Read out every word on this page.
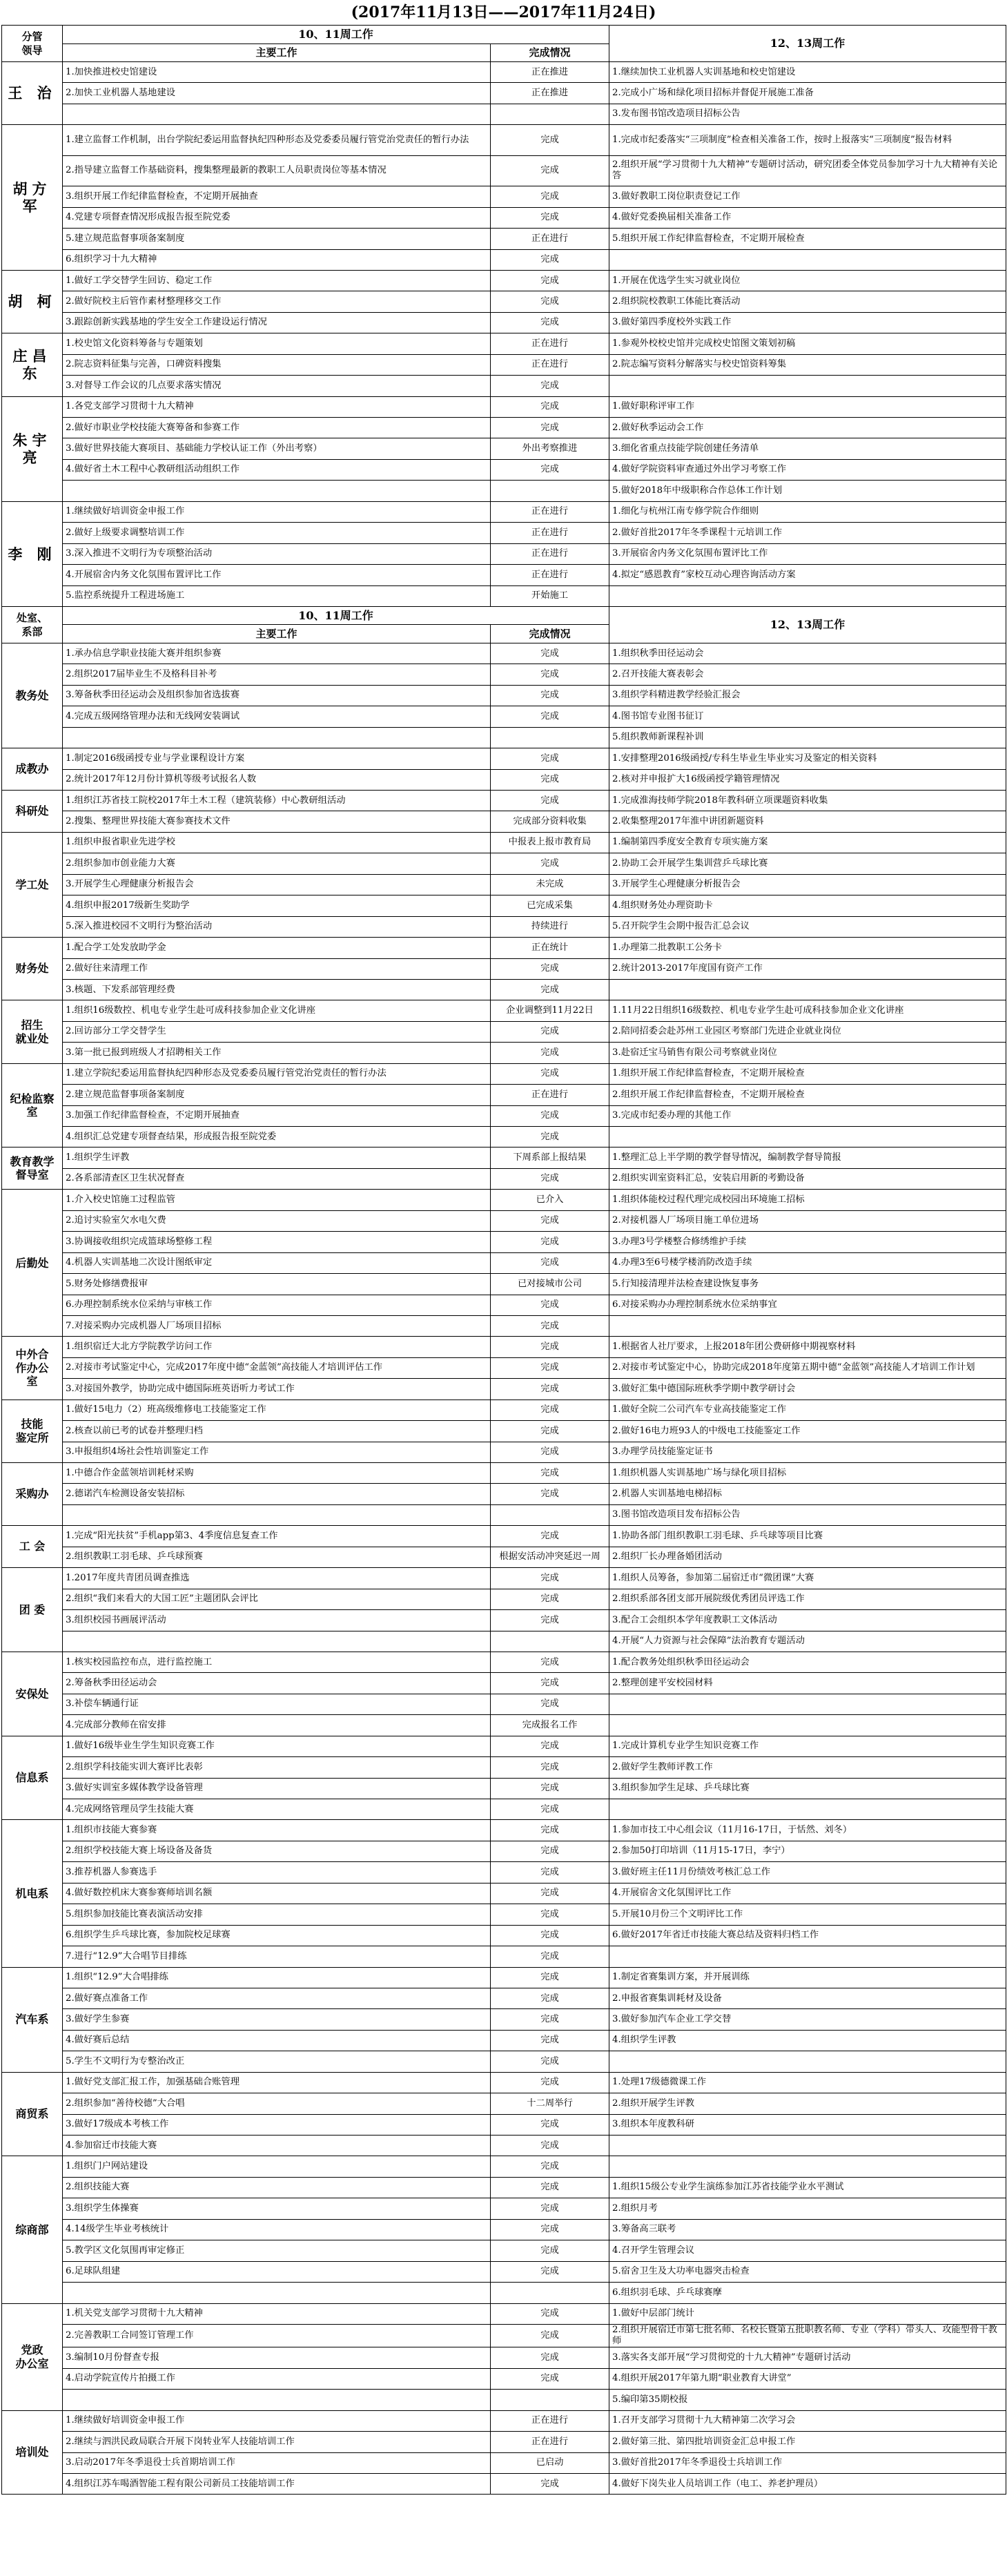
(2017年11月13日——2017年11月24日)
分管
领导	10、11周工作		12、13周工作
	主要工作	完成情况	
王 治	1.加快推进校史馆建设	正在推进	1.继续加快工业机器人实训基地和校史馆建设
	2.加快工业机器人基地建设	正在推进	2.完成小广场和绿化项目招标并督促开展施工准备
			3.发布图书馆改造项目招标公告
胡方军	1.建立监督工作机制，出台学院纪委运用监督执纪四种形态及党委委员履行管党治党责任的暂行办法	完成	1.完成市纪委落实“三项制度”检查相关准备工作，按时上报落实“三项制度”报告材料
	2.指导建立监督工作基础资料，搜集整理最新的教职工人员职责岗位等基本情况	完成	2.组织开展“学习贯彻十九大精神”专题研讨活动，研究团委全体党员参加学习十九大精神有关论答
	3.组织开展工作纪律监督检查，不定期开展抽查	完成	3.做好教职工岗位职责登记工作
	4.党建专项督查情况形成报告报至院党委	完成	4.做好党委换届相关准备工作
	5.建立规范监督事项备案制度	正在进行	5.组织开展工作纪律监督检查，不定期开展检查
	6.组织学习十九大精神	完成	
胡 柯	1.做好工学交替学生回访、稳定工作	完成	1.开展在优选学生实习就业岗位
	2.做好院校主后管作素材整理移交工作	完成	2.组织院校教职工体能比赛活动
	3.跟踪创新实践基地的学生安全工作建设运行情况	完成	3.做好第四季度校外实践工作
庄昌东	1.校史馆文化资料筹备与专题策划	正在进行	1.参观外校校史馆并完成校史馆图文策划初稿
	2.院志资料征集与完善，口碑资料搜集	正在进行	2.院志编写资料分解落实与校史馆资料筹集
	3.对督导工作会议的几点要求落实情况	完成	
朱宇亮	1.各党支部学习贯彻十九大精神	完成	1.做好职称评审工作
	2.做好市职业学校技能大赛筹备和参赛工作	完成	2.做好秋季运动会工作
	3.做好世界技能大赛项目、基础能力学校认证工作（外出考察）	外出考察推进	3.细化省重点技能学院创建任务清单
	4.做好省土木工程中心教研组活动组织工作	完成	4.做好学院资料审查通过外出学习考察工作
			5.做好2018年中级职称合作总体工作计划
李 刚	1.继续做好培训资金申报工作	正在进行	1.细化与杭州江南专修学院合作细则
	2.做好上级要求调整培训工作	正在进行	2.做好首批2017年冬季课程十元培训工作
	3.深入推进不文明行为专项整治活动	正在进行	3.开展宿舍内务文化氛围布置评比工作
	4.开展宿舍内务文化氛围布置评比工作	正在进行	4.拟定“感恩教育”家校互动心理咨询活动方案
	5.监控系统提升工程进场施工	开始施工	
处室、
系部	10、11周工作		12、13周工作
	主要工作	完成情况	
教务处	1.承办信息学职业技能大赛并组织参赛	完成	1.组织秋季田径运动会
	2.组织2017届毕业生不及格科目补考	完成	2.召开技能大赛表彰会
	3.筹备秋季田径运动会及组织参加省选拔赛	完成	3.组织学科精进教学经验汇报会
	4.完成五级网络管理办法和无线网安装调试	完成	4.图书馆专业图书征订
			5.组织教师新课程补训
成教办	1.制定2016级函授专业与学业课程设计方案	完成	1.安排整理2016级函授/专科生毕业生毕业实习及鉴定的相关资料
	2.统计2017年12月份计算机等级考试报名人数	完成	2.核对并申报扩大16级函授学籍管理情况
科研处	1.组织江苏省技工院校2017年土木工程（建筑装修）中心教研组活动	完成	1.完成淮海技师学院2018年教科研立项课题资料收集
	2.搜集、整理世界技能大赛参赛技术文件	完成部分资料收集	2.收集整理2017年淮中讲团新题资料
学工处	1.组织申报省职业先进学校	中报表上报市教育局	1.编制第四季度安全教育专项实施方案
	2.组织参加市创业能力大赛	完成	2.协助工会开展学生集训营乒乓球比赛
	3.开展学生心理健康分析报告会	未完成	3.开展学生心理健康分析报告会
	4.组织申报2017级新生奖助学	已完成采集	4.组织财务处办理资助卡
	5.深入推进校园不文明行为整治活动	持续进行	5.召开院学生会期中报告汇总会议
财务处	1.配合学工处发放助学金	正在统计	1.办理第二批教职工公务卡
	2.做好往来清理工作	完成	2.统计2013-2017年度国有资产工作
	3.核题、下发系部管理经费	完成	
招生
就业处	1.组织16级数控、机电专业学生赴可成科技参加企业文化讲座	企业调整到11月22日	1.11月22日组织16级数控、机电专业学生赴可成科技参加企业文化讲座
	2.回访部分工学交替学生	完成	2.陪同招委会赴苏州工业园区考察部门先进企业就业岗位
	3.第一批已报到班级人才招聘相关工作	完成	3.赴宿迁宝马销售有限公司考察就业岗位
纪检监察
室	1.建立学院纪委运用监督执纪四种形态及党委委员履行管党治党责任的暂行办法	完成	1.组织开展工作纪律监督检查，不定期开展检查
	2.建立规范监督事项备案制度	正在进行	2.组织开展工作纪律监督检查，不定期开展检查
	3.加强工作纪律监督检查，不定期开展抽查	完成	3.完成市纪委办理的其他工作
	4.组织汇总党建专项督查结果，形成报告报至院党委	完成	
教育教学
督导室	1.组织学生评教	下周系部上报结果	1.整理汇总上半学期的教学督导情况，编制教学督导简报
	2.各系部清查区卫生状况督查	完成	2.组织实训室资料汇总，安装启用新的考勤设备
后勤处	1.介入校史馆施工过程监管	已介入	1.组织体能校过程代理完成校园出环境施工招标
	2.追讨实验室欠水电欠费	完成	2.对接机器人厂场项目施工单位进场
	3.协调接收组织完成篮球场整修工程	完成	3.办理3号学楼整合修绣维护手续
	4.机器人实训基地二次设计图纸审定	完成	4.办理3至6号楼学楼消防改造手续
	5.财务处修缮费报审	已对接城市公司	5.行知接清理并法检查建设恢复事务
	6.办理控制系统水位采纳与审核工作	完成	6.对接采购办办理控制系统水位采纳事宜
	7.对接采购办完成机器人厂场项目招标	完成	
中外合
作办公
室	1.组织宿迁大北方学院教学访问工作	完成	1.根据省人社厅要求，上报2018年团公费研修中期视察材料
	2.对接市考试鉴定中心，完成2017年度中德“金蓝领”高技能人才培训评估工作	完成	2.对接市考试鉴定中心，协助完成2018年度第五期中德“金蓝领”高技能人才培训工作计划
	3.对接国外教学，协助完成中德国际班英语听力考试工作	完成	3.做好汇集中德国际班秋季学期中教学研讨会
技能
鉴定所	1.做好15电力（2）班高级维修电工技能鉴定工作	完成	1.做好全院二公司汽车专业高技能鉴定工作
	2.核查以前已考的试卷并整理归档	完成	2.做好16电力班93人的中级电工技能鉴定工作
	3.申报组织4场社会性培训鉴定工作	完成	3.办理学员技能鉴定证书
采购办	1.中德合作金蓝领培训耗材采购	完成	1.组织机器人实训基地广场与绿化项目招标
	2.德诺汽车检测设备安装招标	完成	2.机器人实训基地电梯招标
			3.图书馆改造项目发布招标公告
工 会	1.完成“阳光扶贫”手机app第3、4季度信息复查工作	完成	1.协助各部门组织教职工羽毛球、乒乓球等项目比赛
	2.组织教职工羽毛球、乒乓球预赛	根据安活动冲突延迟一周	2.组织厂长办理备婚团活动
团 委	1.2017年度共青团员调查推选	完成	1.组织人员筹备，参加第二届宿迁市“微团课”大赛
	2.组织“我们来看大的大国工匠”主题团队会评比	完成	2.组织系部各团支部开展院级优秀团员评选工作
	3.组织校园书画展评活动	完成	3.配合工会组织本学年度教职工文体活动
			4.开展“人力资源与社会保障”法治教育专题活动
安保处	1.核实校园监控布点，进行监控施工	完成	1.配合教务处组织秋季田径运动会
	2.筹备秋季田径运动会	完成	2.整理创建平安校园材料
	3.补偿车辆通行证	完成	
	4.完成部分教师在宿安排	完成报名工作	
信息系	1.做好16级毕业生学生知识竞赛工作	完成	1.完成计算机专业学生知识竞赛工作
	2.组织学科技能实训大赛评比表彰	完成	2.做好学生教师评教工作
	3.做好实训室多媒体教学设备管理	完成	3.组织参加学生足球、乒乓球比赛
	4.完成网络管理员学生技能大赛	完成	
机电系	1.组织市技能大赛参赛	完成	1.参加市技工中心组会议（11月16-17日，于恬然、刘冬）
	2.组织学校技能大赛上场设备及备货	完成	2.参加50打印培训（11月15-17日，李宁）
	3.推荐机器人参赛选手	完成	3.做好班主任11月份绩效考核汇总工作
	4.做好数控机床大赛参赛师培训名额	完成	4.开展宿舍文化氛围评比工作
	5.组织参加技能比赛表演活动安排	完成	5.开展10月份三个文明评比工作
	6.组织学生乒乓球比赛，参加院校足球赛	完成	6.做好2017年省迁市技能大赛总结及资料归档工作
	7.进行“12.9”大合唱节目排练	完成	
汽车系	1.组织“12.9”大合唱排练	完成	1.制定省赛集训方案，并开展训练
	2.做好赛点准备工作	完成	2.申报省赛集训耗材及设备
	3.做好学生参赛	完成	3.做好参加汽车企业工学交替
	4.做好赛后总结	完成	4.组织学生评教
	5.学生不文明行为专整治改正	完成	
商贸系	1.做好党支部汇报工作，加强基础合账管理	完成	1.处理17级德微课工作
	2.组织参加“善待校德”大合唱	十二周举行	2.组织开展学生评教
	3.做好17级成本考核工作	完成	3.组织本年度教科研
	4.参加宿迁市技能大赛	完成	
综商部	1.组织门户网站建设	完成	
	2.组织技能大赛	完成	1.组织15级公专业学生演练参加江苏省技能学业水平测试
	3.组织学生体操赛	完成	2.组织月考
	4.14级学生毕业考核统计	完成	3.筹备高三联考
	5.教学区文化氛围再审定修正	完成	4.召开学生管理会议
	6.足球队组建	完成	5.宿舍卫生及大功率电器突击检查
			6.组织羽毛球、乒乓球赛摩
党政
办公室	1.机关党支部学习贯彻十九大精神	完成	1.做好中层部门统计
	2.完善教职工合同签订管理工作	完成	2.组织开展宿迁市第七批名师、名校长暨第五批职教名师、专业（学科）带头人、攻能型骨干教师
	3.编制10月份督查专报	完成	3.落实各支部开展“学习贯彻党的十九大精神”专题研讨活动
	4.启动学院宣传片拍摄工作	完成	4.组织开展2017年第九期“职业教育大讲堂”
			5.编印第35期校报
培训处	1.继续做好培训资金申报工作	正在进行	1.召开支部学习贯彻十九大精神第二次学习会
	2.继续与泗洪民政局联合开展下岗转业军人技能培训工作	正在进行	2.做好第三批、第四批培训资金汇总申报工作
	3.启动2017年冬季退役士兵首期培训工作	已启动	3.做好首批2017年冬季退役士兵培训工作
	4.组织江苏车喝酒智能工程有限公司新员工技能培训工作	完成	4.做好下岗失业人员培训工作（电工、养老护理员）
